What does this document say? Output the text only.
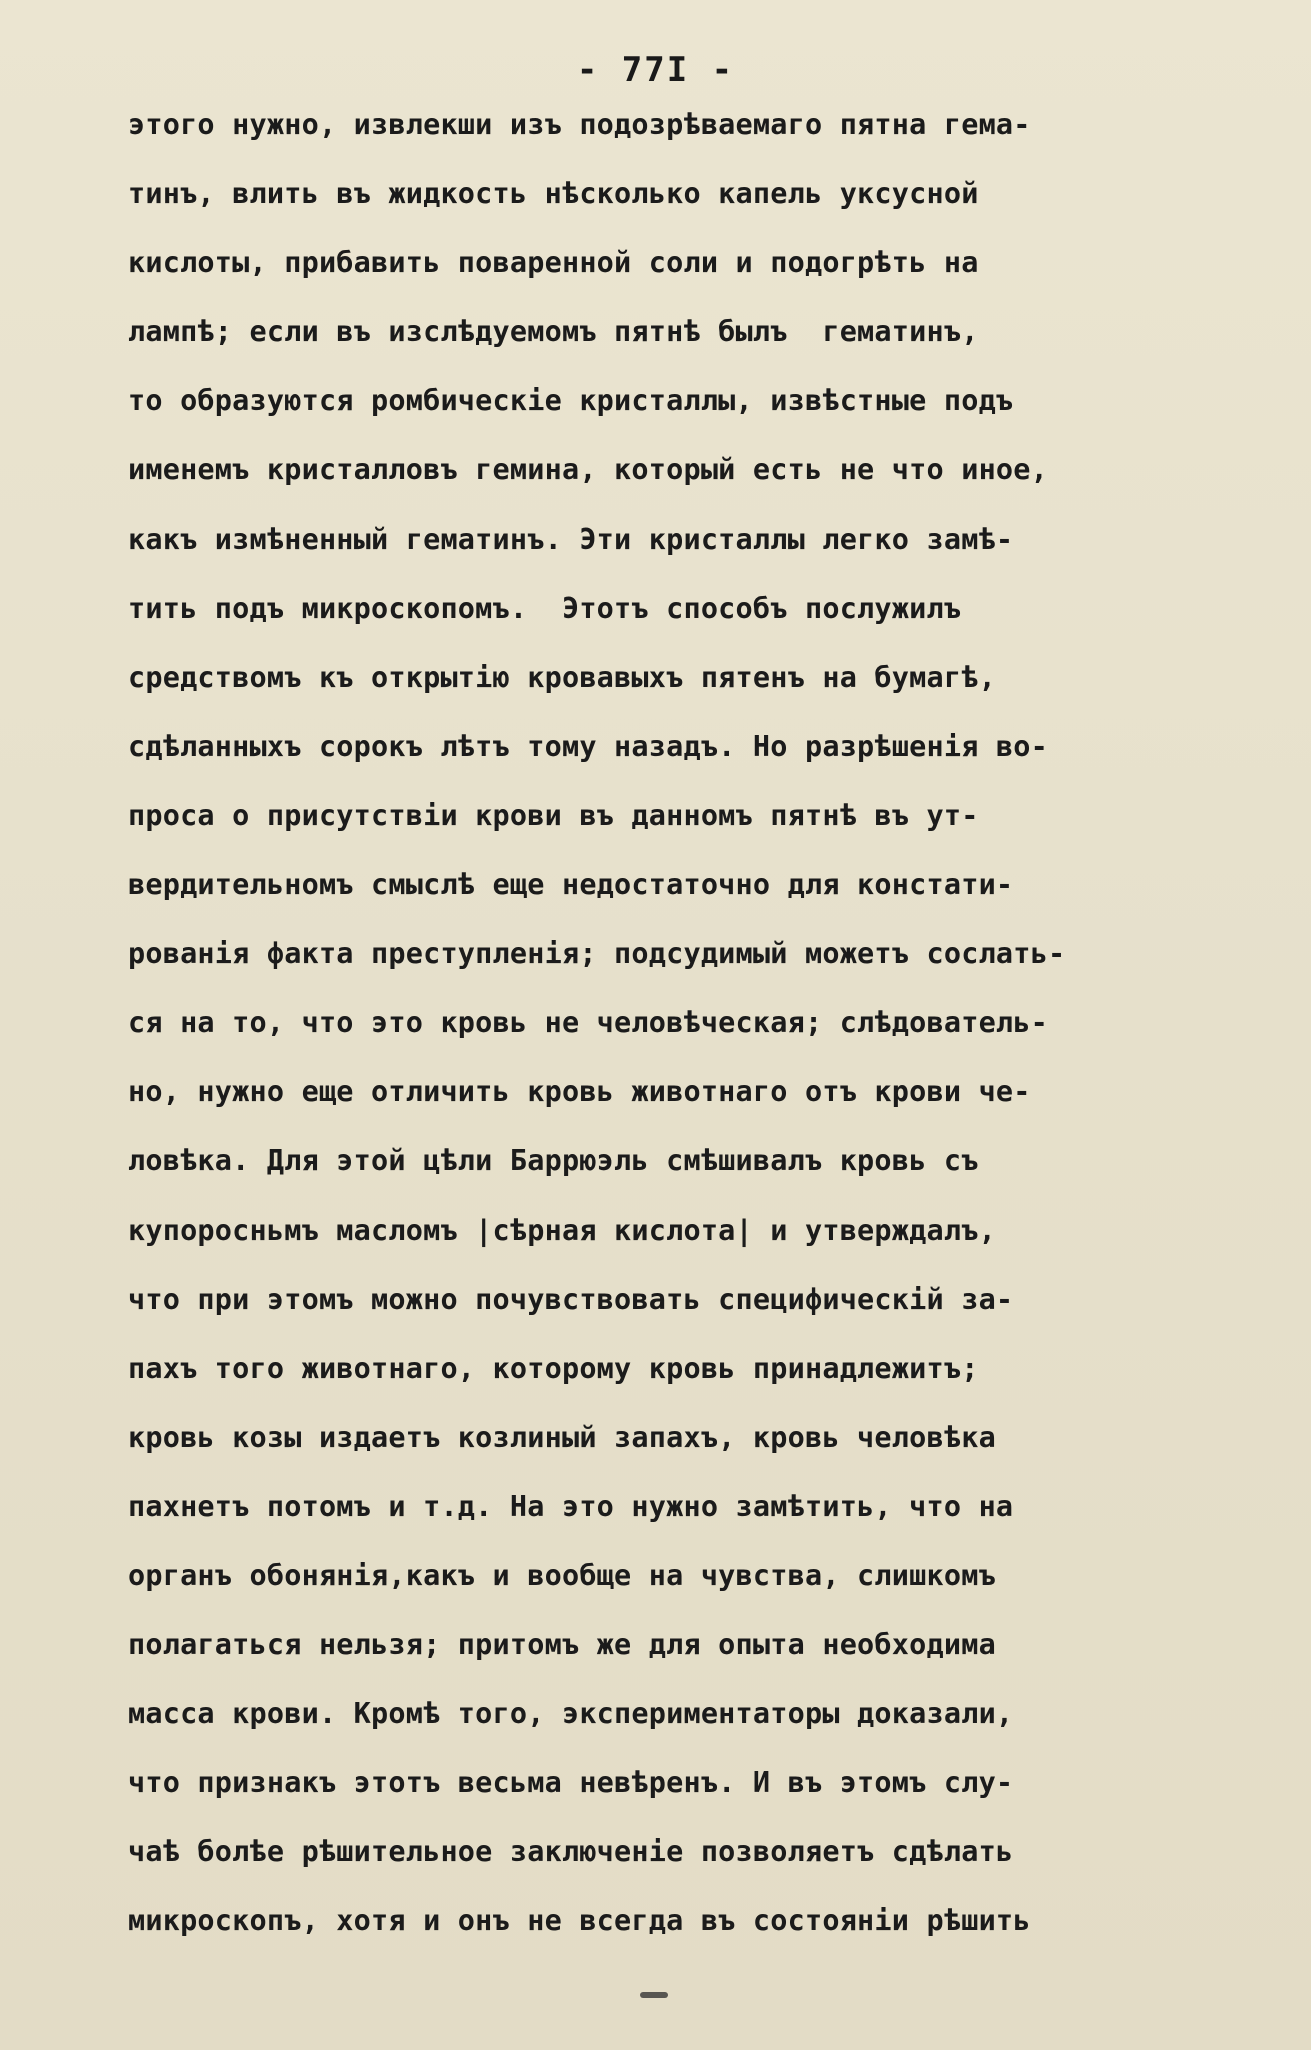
- 77I -
этого нужно, извлекши изъ подозрѣваемаго пятна гема-
тинъ, влить въ жидкость нѣсколько капель уксусной
кислоты, прибавить поваренной соли и подогрѣть на
лампѣ; если въ изслѣдуемомъ пятнѣ былъ  гематинъ,
то образуются ромбическiе кристаллы, извѣстные подъ
именемъ кристалловъ гемина, который есть не что иное,
какъ измѣненный гематинъ. Эти кристаллы легко замѣ-
тить подъ микроскопомъ.  Этотъ способъ послужилъ
средствомъ къ открытiю кровавыхъ пятенъ на бумагѣ,
сдѣланныхъ сорокъ лѣтъ тому назадъ. Но разрѣшенiя во-
проса о присутствiи крови въ данномъ пятнѣ въ ут-
вердительномъ смыслѣ еще недостаточно для констати-
рованiя факта преступленiя; подсудимый можетъ сослать-
ся на то, что это кровь не человѣческая; слѣдователь-
но, нужно еще отличить кровь животнаго отъ крови че-
ловѣка. Для этой цѣли Баррюэль смѣшивалъ кровь съ
купоросньмъ масломъ |сѣрная кислота| и утверждалъ,
что при этомъ можно почувствовать специфическiй за-
пахъ того животнаго, которому кровь принадлежитъ;
кровь козы издаетъ козлиный запахъ, кровь человѣка
пахнетъ потомъ и т.д. На это нужно замѣтить, что на
органъ обонянiя,какъ и вообще на чувства, слишкомъ
полагаться нельзя; притомъ же для опыта необходима
масса крови. Кромѣ того, экспериментаторы доказали,
что признакъ этотъ весьма невѣренъ. И въ этомъ слу-
чаѣ болѣе рѣшительное заключенiе позволяетъ сдѣлать
микроскопъ, хотя и онъ не всегда въ состоянiи рѣшить
